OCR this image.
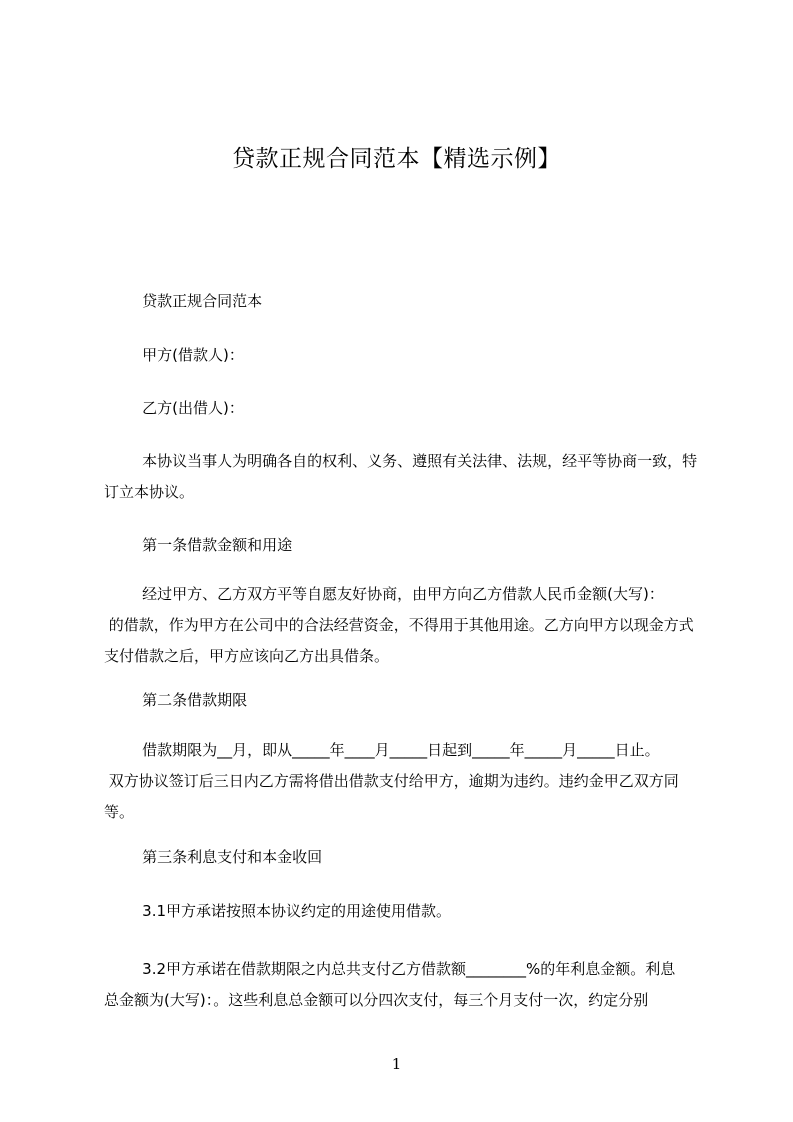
贷款正规合同范本【精选示例】

贷款正规合同范本

甲方(借款人)：

乙方(出借人)：

本协议当事人为明确各自的权利、义务、遵照有关法律、法规，经平等协商一致，特订立本协议。

第一条借款金额和用途

经过甲方、乙方双方平等自愿友好协商，由甲方向乙方借款人民币金额(大写)：
的借款，作为甲方在公司中的合法经营资金，不得用于其他用途。乙方向甲方以现金方式支付借款之后，甲方应该向乙方出具借条。

第二条借款期限

借款期限为__月，即从_____年____月_____日起到_____年_____月_____日止。
双方协议签订后三日内乙方需将借出借款支付给甲方，逾期为违约。违约金甲乙双方同等。

第三条利息支付和本金收回

3.1甲方承诺按照本协议约定的用途使用借款。

3.2甲方承诺在借款期限之内总共支付乙方借款额________%的年利息金额。利息
总金额为(大写)：。这些利息总金额可以分四次支付，每三个月支付一次，约定分别

1
